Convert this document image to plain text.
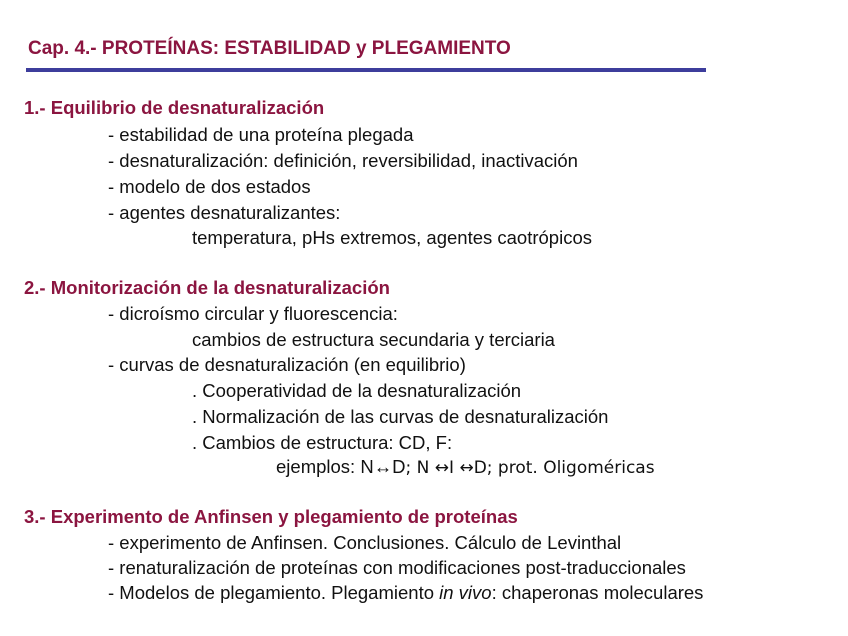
Cap. 4.- PROTEÍNAS: ESTABILIDAD y PLEGAMIENTO
1.- Equilibrio de desnaturalización
- estabilidad de una proteína plegada
- desnaturalización: definición, reversibilidad, inactivación
- modelo de dos estados
- agentes desnaturalizantes:
temperatura, pHs extremos, agentes caotrópicos
2.- Monitorización de la desnaturalización
- dicroísmo circular y fluorescencia:
cambios de estructura secundaria y terciaria
- curvas de desnaturalización (en equilibrio)
. Cooperatividad de la desnaturalización
. Normalización de las curvas de desnaturalización
. Cambios de estructura: CD, F:
ejemplos: N↔D; N ↔I ↔D; prot. Oligoméricas
3.- Experimento de Anfinsen y plegamiento de proteínas
- experimento de Anfinsen. Conclusiones. Cálculo de Levinthal
- renaturalización de proteínas con modificaciones post-traduccionales
- Modelos de plegamiento. Plegamiento in vivo: chaperonas moleculares
